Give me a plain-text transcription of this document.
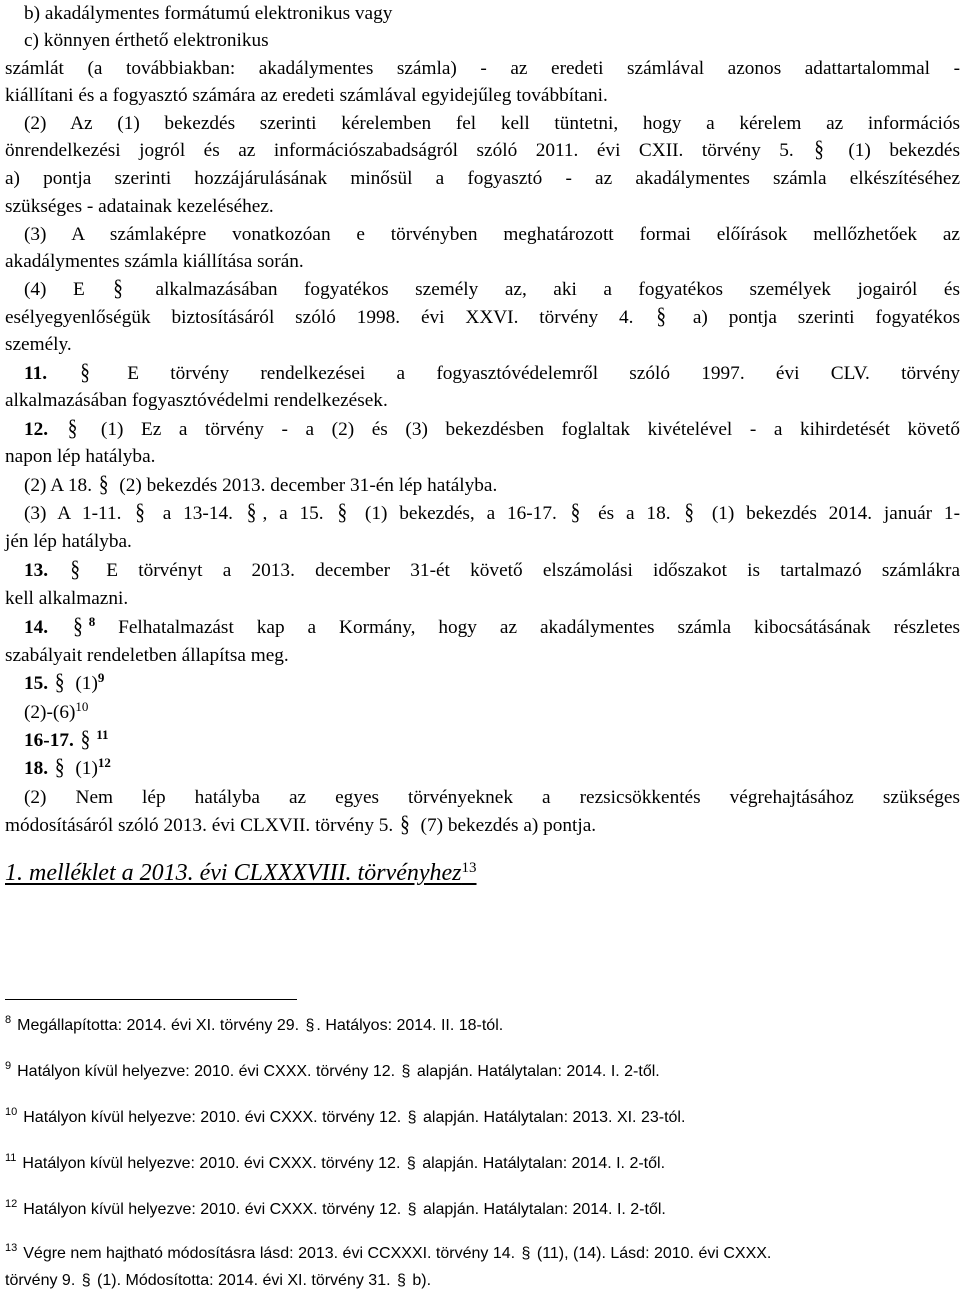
b) akadálymentes formátumú elektronikus vagy
c) könnyen érthető elektronikus
számlát (a továbbiakban: akadálymentes számla) - az eredeti számlával azonos adattartalommal -
kiállítani és a fogyasztó számára az eredeti számlával egyidejűleg továbbítani.
(2) Az (1) bekezdés szerinti kérelemben fel kell tüntetni, hogy a kérelem az információs
önrendelkezési jogról és az információszabadságról szóló 2011. évi CXII. törvény 5. § (1) bekezdés
a) pontja szerinti hozzájárulásának minősül a fogyasztó - az akadálymentes számla elkészítéséhez
szükséges - adatainak kezeléséhez.
(3) A számlaképre vonatkozóan e törvényben meghatározott formai előírások mellőzhetőek az
akadálymentes számla kiállítása során.
(4) E § alkalmazásában fogyatékos személy az, aki a fogyatékos személyek jogairól és
esélyegyenlőségük biztosításáról szóló 1998. évi XXVI. törvény 4. § a) pontja szerinti fogyatékos
személy.
11. § E törvény rendelkezései a fogyasztóvédelemről szóló 1997. évi CLV. törvény
alkalmazásában fogyasztóvédelmi rendelkezések.
12. § (1) Ez a törvény - a (2) és (3) bekezdésben foglaltak kivételével - a kihirdetését követő
napon lép hatályba.
(2) A 18. § (2) bekezdés 2013. december 31-én lép hatályba.
(3) A 1-11. § a 13-14. § , a 15. § (1) bekezdés, a 16-17. § és a 18. § (1) bekezdés 2014. január 1-
jén lép hatályba.
13. § E törvényt a 2013. december 31-ét követő elszámolási időszakot is tartalmazó számlákra
kell alkalmazni.
14. § $^8$ Felhatalmazást kap a Kormány, hogy az akadálymentes számla kibocsátásának részletes
szabályait rendeletben állapítsa meg.
15. § $(1)^9$
$(2)-(6)^{10}$
16-17. § $^{11}$
18. § $(1)^{12}$
(2) Nem lép hatályba az egyes törvényeknek a rezsicsökkentés végrehajtásához szükséges
módosításáról szóló 2013. évi CLXVII. törvény 5. § (7) bekezdés a) pontja.
1. melléklet a 2013. évi CLXXXVIII. törvényhez$^{13}$
$^8$ Megállapította: 2014. évi XI. törvény 29. § . Hatályos: 2014. II. 18-tól.
$^9$ Hatályon kívül helyezve: 2010. évi CXXX. törvény 12. § alapján. Hatálytalan: 2014. I. 2-től.
$^{10}$ Hatályon kívül helyezve: 2010. évi CXXX. törvény 12. § alapján. Hatálytalan: 2013. XI. 23-tól.
$^{11}$ Hatályon kívül helyezve: 2010. évi CXXX. törvény 12. § alapján. Hatálytalan: 2014. I. 2-től.
$^{12}$ Hatályon kívül helyezve: 2010. évi CXXX. törvény 12. § alapján. Hatálytalan: 2014. I. 2-től.
$^{13}$ Végre nem hajtható módosításra lásd: 2013. évi CCXXXI. törvény 14. § (11), (14). Lásd: 2010. évi CXXX.
törvény 9. § (1). Módosította: 2014. évi XI. törvény 31. § b).
